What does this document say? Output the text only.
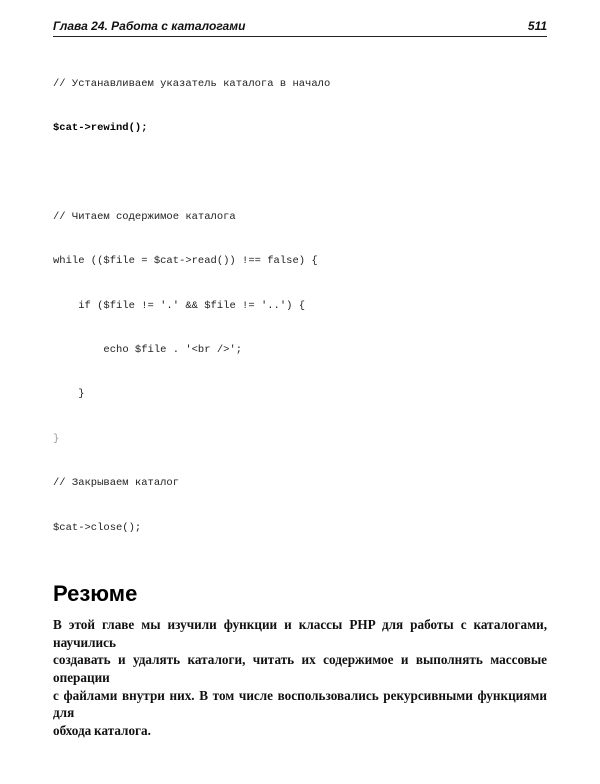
Глава 24. Работа с каталогами	511

// Устанавливаем указатель каталога в начало

$cat->rewind();

// Читаем содержимое каталога

while (($file = $cat->read()) !== false) {

if ($file != '.' && $file != '..') {

echo $file . '<br />';

}

}

// Закрываем каталог

$cat->close();

Резюме
В этой главе мы изучили функции и классы PHP для работы с каталогами, научились
создавать и удалять каталоги, читать их содержимое и выполнять массовые операции
с файлами внутри них. В том числе воспользовались рекурсивными функциями для
обхода каталога.
